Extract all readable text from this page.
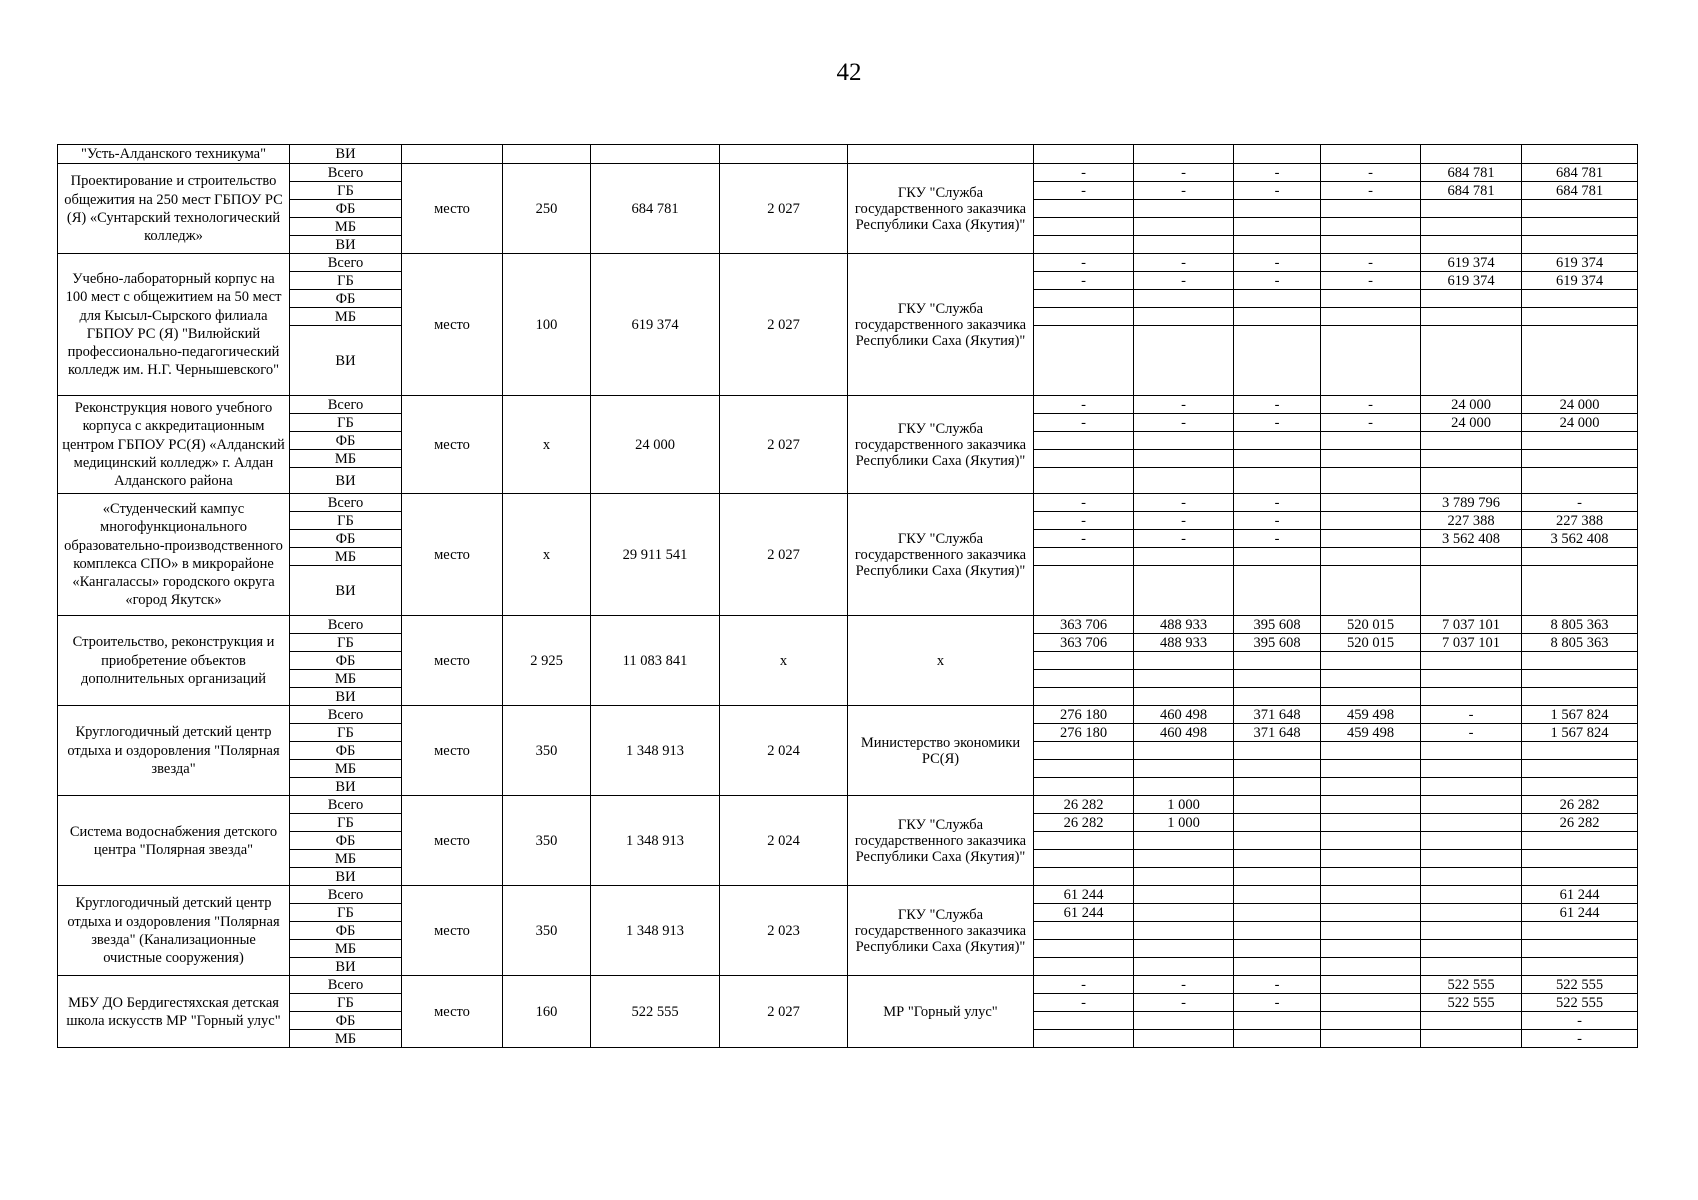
42
"Усть-Алданского техникума"	ВИ											
Проектирование и строительство общежития на 250 мест ГБПОУ РС (Я) «Сунтарский технологический колледж»	Всего	место	250	684 781	2 027	ГКУ "Служба государственного заказчика Республики Саха (Якутия)"	-	-	-	-	684 781	684 781
	ГБ						-	-	-	-	684 781	684 781
	ФБ											
	МБ											
	ВИ											
Учебно-лабораторный корпус на 100 мест с общежитием на 50 мест для Кысыл-Сырского филиала ГБПОУ РС (Я) "Вилюйский профессионально-педагогический колледж им. Н.Г. Чернышевского"	Всего	место	100	619 374	2 027	ГКУ "Служба государственного заказчика Республики Саха (Якутия)"	-	-	-	-	619 374	619 374
	ГБ						-	-	-	-	619 374	619 374
	ФБ											
	МБ											
	ВИ											
Реконструкция нового учебного корпуса с аккредитационным центром ГБПОУ РС(Я) «Алданский медицинский колледж» г. Алдан Алданского района	Всего	место	х	24 000	2 027	ГКУ "Служба государственного заказчика Республики Саха (Якутия)"	-	-	-	-	24 000	24 000
	ГБ						-	-	-	-	24 000	24 000
	ФБ											
	МБ											
	ВИ											
«Студенческий кампус многофункционального образовательно-производственного комплекса СПО» в микрорайоне «Кангалассы» городского округа «город Якутск»	Всего	место	х	29 911 541	2 027	ГКУ "Служба государственного заказчика Республики Саха (Якутия)"	-	-	-		3 789 796	-
	ГБ						-	-	-		227 388	227 388
	ФБ						-	-	-		3 562 408	3 562 408
	МБ											
	ВИ											
Строительство, реконструкция и приобретение объектов дополнительных организаций	Всего	место	2 925	11 083 841	х	х	363 706	488 933	395 608	520 015	7 037 101	8 805 363
	ГБ						363 706	488 933	395 608	520 015	7 037 101	8 805 363
	ФБ											
	МБ											
	ВИ											
Круглогодичный детский центр отдыха и оздоровления "Полярная звезда"	Всего	место	350	1 348 913	2 024	Министерство экономики РС(Я)	276 180	460 498	371 648	459 498	-	1 567 824
	ГБ						276 180	460 498	371 648	459 498	-	1 567 824
	ФБ											
	МБ											
	ВИ											
Система водоснабжения детского центра "Полярная звезда"	Всего	место	350	1 348 913	2 024	ГКУ "Служба государственного заказчика Республики Саха (Якутия)"	26 282	1 000				26 282
	ГБ						26 282	1 000				26 282
	ФБ											
	МБ											
	ВИ											
Круглогодичный детский центр отдыха и оздоровления "Полярная звезда" (Канализационные очистные сооружения)	Всего	место	350	1 348 913	2 023	ГКУ "Служба государственного заказчика Республики Саха (Якутия)"	61 244					61 244
	ГБ						61 244					61 244
	ФБ											
	МБ											
	ВИ											
МБУ ДО Бердигестяхская детская школа искусств МР "Горный улус"	Всего	место	160	522 555	2 027	МР "Горный улус"	-	-	-		522 555	522 555
	ГБ						-	-	-		522 555	522 555
	ФБ											-
	МБ											-
